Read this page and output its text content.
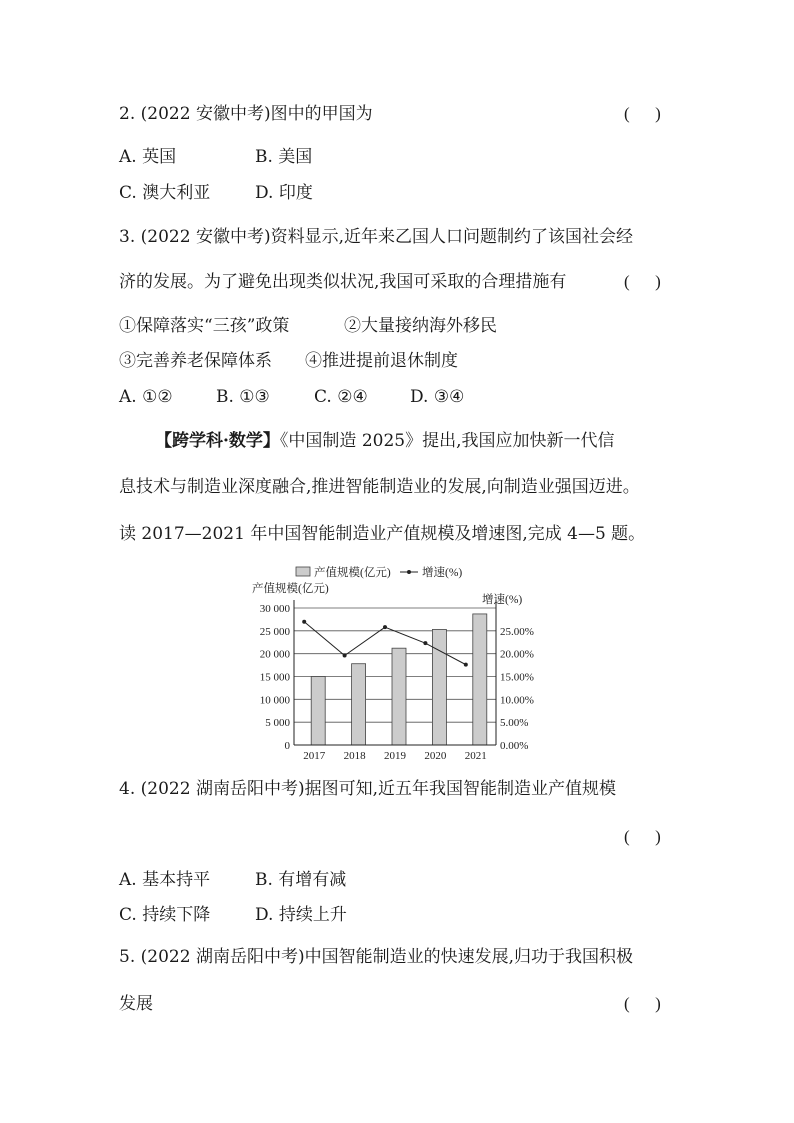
2. (2022 安徽中考)图中的甲国为	(      )
A. 英国	B. 美国
C. 澳大利亚	D. 印度
3. (2022 安徽中考)资料显示,近年来乙国人口问题制约了该国社会经
济的发展。为了避免出现类似状况,我国可采取的合理措施有	(      )
①保障落实“三孩”政策	②大量接纳海外移民
③完善养老保障体系 ④推进提前退休制度
A. ①②	B. ①③	C. ②④ D. ③④
【跨学科·数学】《中国制造 2025》提出,我国应加快新一代信
息技术与制造业深度融合,推进智能制造业的发展,向制造业强国迈进。
读 2017—2021 年中国智能制造业产值规模及增速图,完成 4—5 题。
0
5 000
10 000
15 000
20 000
25 000
30 000
0.00%
5.00%
10.00%
15.00%
20.00%
25.00%
2017 2018 2019 2020 2021
产值规模(亿元)
增速(%)
产值规模(亿元)	增速(%)
4. (2022 湖南岳阳中考)据图可知,近五年我国智能制造业产值规模
(      )
A. 基本持平	B. 有增有减
C. 持续下降	D. 持续上升
5. (2022 湖南岳阳中考)中国智能制造业的快速发展,归功于我国积极
发展	(      )
